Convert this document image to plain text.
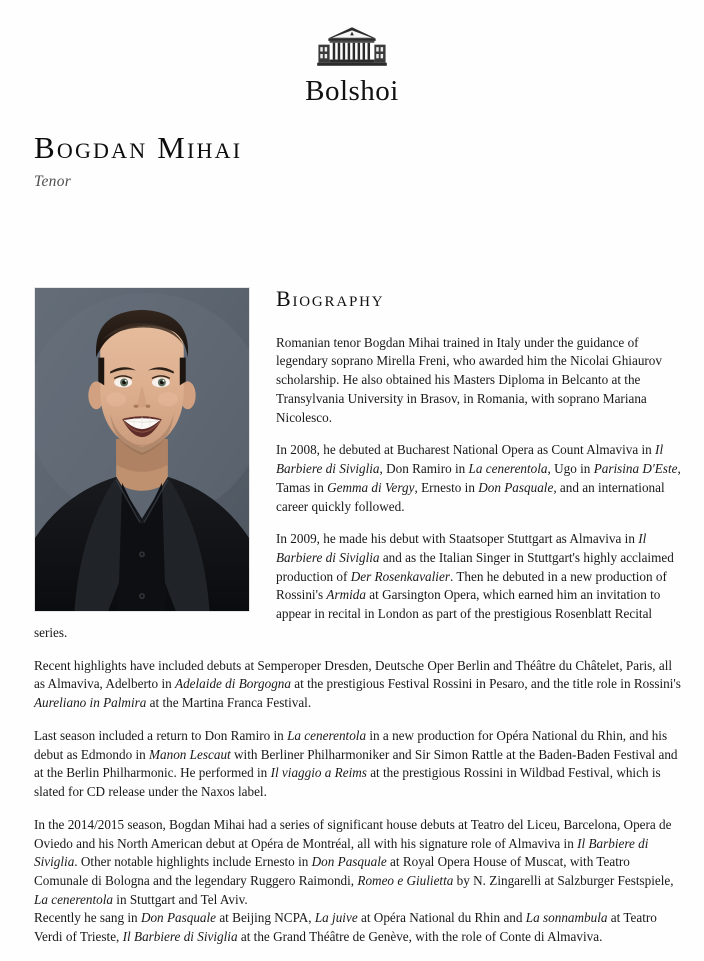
Bolshoi
Bogdan Mihai
Tenor
Biography

Romanian tenor Bogdan Mihai trained in Italy under the guidance of legendary soprano Mirella Freni, who awarded him the Nicolai Ghiaurov scholarship. He also obtained his Masters Diploma in Belcanto at the Transylvania University in Brasov, in Romania, with soprano Mariana Nicolesco.

In 2008, he debuted at Bucharest National Opera as Count Almaviva in Il Barbiere di Siviglia, Don Ramiro in La cenerentola, Ugo in Parisina D'Este, Tamas in Gemma di Vergy, Ernesto in Don Pasquale, and an international career quickly followed.

In 2009, he made his debut with Staatsoper Stuttgart as Almaviva in Il Barbiere di Siviglia and as the Italian Singer in Stuttgart's highly acclaimed production of Der Rosenkavalier. Then he debuted in a new production of Rossini's Armida at Garsington Opera, which earned him an invitation to appear in recital in London as part of the prestigious Rosenblatt Recital series.

Recent highlights have included debuts at Semperoper Dresden, Deutsche Oper Berlin and Théâtre du Châtelet, Paris, all as Almaviva, Adelberto in Adelaide di Borgogna at the prestigious Festival Rossini in Pesaro, and the title role in Rossini's Aureliano in Palmira at the Martina Franca Festival.

Last season included a return to Don Ramiro in La cenerentola in a new production for Opéra National du Rhin, and his debut as Edmondo in Manon Lescaut with Berliner Philharmoniker and Sir Simon Rattle at the Baden-Baden Festival and at the Berlin Philharmonic. He performed in Il viaggio a Reims at the prestigious Rossini in Wildbad Festival, which is slated for CD release under the Naxos label.

In the 2014/2015 season, Bogdan Mihai had a series of significant house debuts at Teatro del Liceu, Barcelona, Opera de Oviedo and his North American debut at Opéra de Montréal, all with his signature role of Almaviva in Il Barbiere di Siviglia. Other notable highlights include Ernesto in Don Pasquale at Royal Opera House of Muscat, with Teatro Comunale di Bologna and the legendary Ruggero Raimondi, Romeo e Giulietta by N. Zingarelli at Salzburger Festspiele, La cenerentola in Stuttgart and Tel Aviv.

Recently he sang in Don Pasquale at Beijing NCPA, La juive at Opéra National du Rhin and La sonnambula at Teatro Verdi of Trieste, Il Barbiere di Siviglia at the Grand Théâtre de Genève, with the role of Conte di Almaviva.
